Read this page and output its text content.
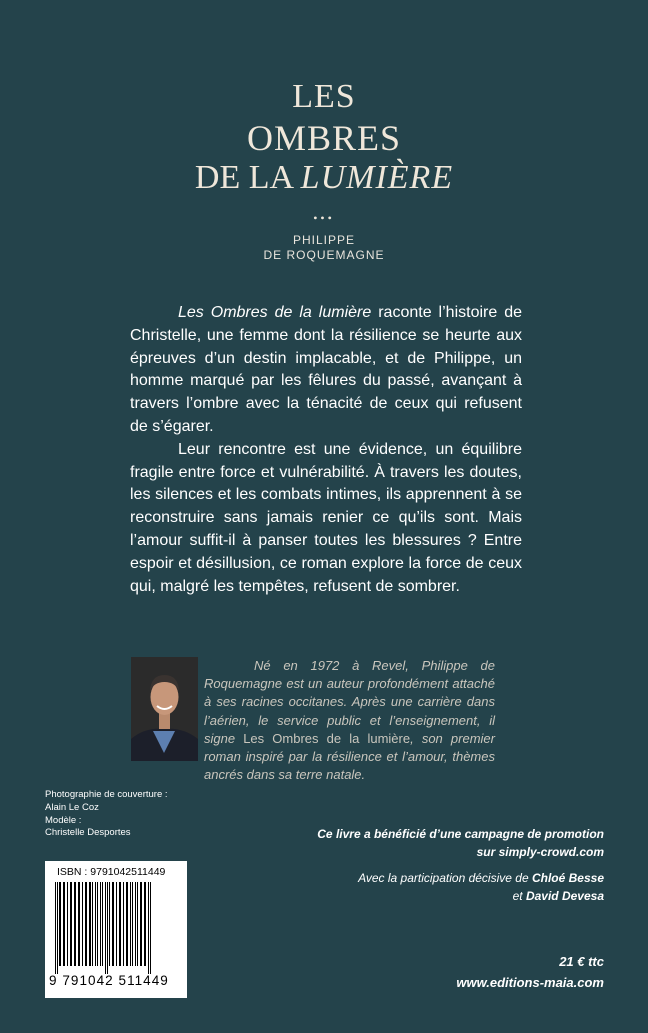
LES
OMBRES
DE LA LUMIÈRE
•••
PHILIPPE
DE ROQUEMAGNE

Les Ombres de la lumière raconte l’histoire de Christelle, une femme dont la résilience se heurte aux épreuves d’un destin implacable, et de Philippe, un homme marqué par les fêlures du passé, avançant à travers l’ombre avec la ténacité de ceux qui refusent de s’égarer.

Leur rencontre est une évidence, un équilibre fragile entre force et vulnérabilité. À travers les doutes, les silences et les combats intimes, ils apprennent à se reconstruire sans jamais renier ce qu’ils sont. Mais l’amour suffit-il à panser toutes les blessures ? Entre espoir et désillusion, ce roman explore la force de ceux qui, malgré les tempêtes, refusent de sombrer.

Né en 1972 à Revel, Philippe de Roquemagne est un auteur profondément attaché à ses racines occitanes. Après une carrière dans l’aérien, le service public et l’enseignement, il signe Les Ombres de la lumière, son premier roman inspiré par la résilience et l’amour, thèmes ancrés dans sa terre natale.

Photographie de couverture :
Alain Le Coz
Modèle :
Christelle Desportes	Ce livre a bénéficié d’une campagne de promotion

sur simply-crowd.com

Avec la participation décisive de Chloé Besse

et David Devesa

21 € ttc
www.editions-maia.com
ISBN : 9791042511449
9 791042 511449
